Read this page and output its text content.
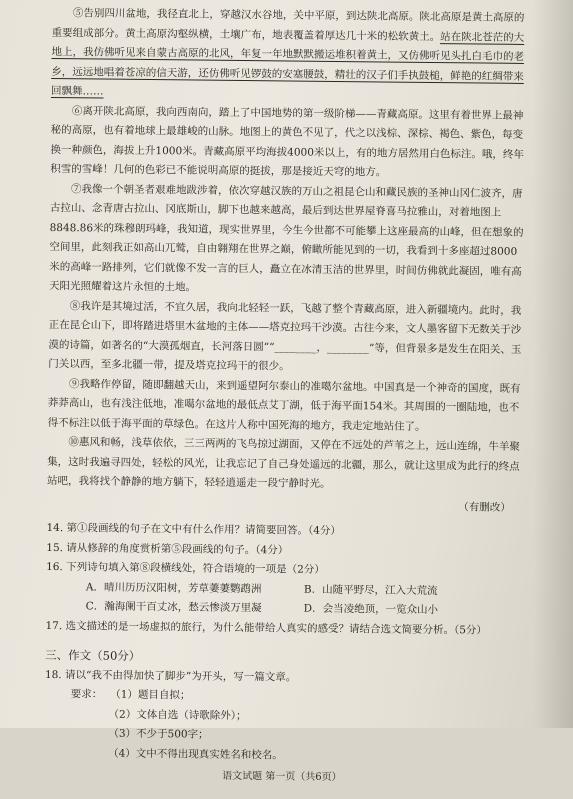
⑤告别四川盆地，我径直北上，穿越汉水谷地，关中平原，到达陕北高原。陕北高原是黄土高原的重要组成部分。黄土高原沟壑纵横，土壤广布，地表覆盖着厚达几十米的松软黄土。站在陕北苍茫的大地上，我仿佛听见来自蒙古高原的北风，年复一年地默默搬运堆积着黄土，又仿佛听见头扎白毛巾的老乡，远远地唱着苍凉的信天游，还仿佛听见锣鼓的安塞腰鼓，精壮的汉子们手执鼓槌，鲜艳的红绸带来回飘舞……

⑥离开陕北高原，我向西南向，踏上了中国地势的第一级阶梯——青藏高原。这里有着世界上最神秘的高原，也有着地球上最雄峻的山脉。地图上的黄色不见了，代之以浅棕、深棕、褐色、紫色，每变换一种颜色，海拔上升1000米。青藏高原平均海拔4000米以上，有的地方居然用白色标注。哦，终年积雪的雪峰！几何的色彩已不能说明高原的挺拔，那是接近天穹的地方。

⑦我像一个朝圣者艰难地跋涉着，依次穿越汉族的万山之祖昆仑山和藏民族的圣神山冈仁波齐，唐古拉山、念青唐古拉山、冈底斯山，脚下也越来越高，最后到达世界屋脊喜马拉雅山，对着地图上8848.86米的珠穆朗玛峰，我知道，现实世界里，今生今世都不可能攀上这座最高的山峰，但在想象的空间里，此刻我正如高山兀鹫，自由翱翔在世界之巅，俯瞰所能见到的一切，我看到十多座超过8000米的高峰一路排列，它们就像不发一言的巨人，矗立在冰清玉洁的世界里，时间仿佛就此凝固，唯有高天阳光照耀着这片永恒的土地。

⑧我许是其境过活，不宜久居，我向北轻轻一跃，飞越了整个青藏高原，进入新疆境内。此时，我正在昆仑山下，即将踏进塔里木盆地的主体——塔克拉玛干沙漠。古往今来，文人墨客留下无数关于沙漠的诗篇，如著名的“大漠孤烟直，长河落日圆”“________，________”等，但背景多是发生在阳关、玉门关以西，至多北疆一带，提及塔克拉玛干的很少。

⑨我略作停留，随即翻越天山，来到遥望阿尔泰山的准噶尔盆地。中国真是一个神奇的国度，既有莽莽高山，也有浅注低地，准噶尔盆地的最低点艾丁湖，低于海平面154米。其周围的一圈陆地，也不得不标注以低于海平面的草绿色。在这片人称中国死海的地方，我走定地站住了。

⑩惠风和畅，浅草依依，三三两两的飞鸟掠过湖面，又停在不远处的芦苇之上，远山连绵，牛羊聚集，这时我遍寻四处，轻松的风光，让我忘记了自己身处遥远的北疆，那么，就让这里成为此行的终点站吧，我将找个静静的地方躺下，轻轻逍遥走一段宁静时光。

（有删改）

14. 第①段画线的句子在文中有什么作用？请简要回答。（4分）

15. 请从修辞的角度赏析第⑤段画线的句子。（4分）

16. 下列诗句填入第⑧段横线处，符合语境的一项是（2分）

A．晴川历历汉阳树，芳草萋萋鹦鹉洲	B．山随平野尽，江入大荒流
C．瀚海阑干百丈冰，愁云惨淡万里凝	D．会当凌绝顶，一览众山小

17. 选文描述的是一场虚拟的旅行，为什么能带给人真实的感受？请结合选文简要分析。（5分）

三、作文（50分）

18. 请以“我不由得加快了脚步”为开头，写一篇文章。

要求： （1）题目自拟；
（2）文体自选（诗歌除外）；
（3）不少于500字；
（4）文中不得出现真实姓名和校名。

语文试题 第一页（共6页）
